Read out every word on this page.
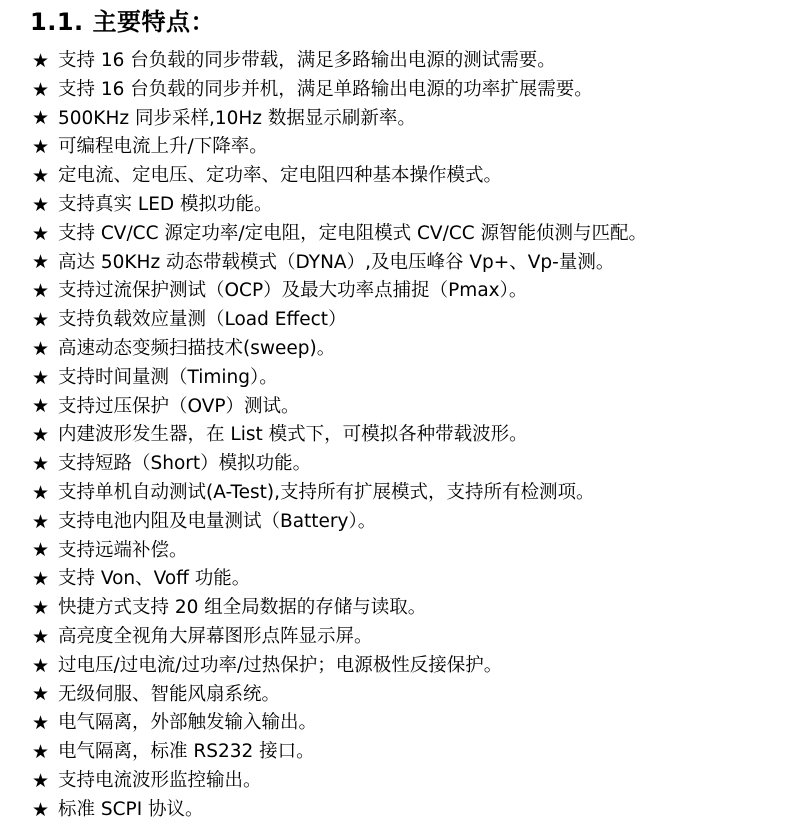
1.1. 主要特点：
★ 支持 16 台负载的同步带载，满足多路输出电源的测试需要。
★ 支持 16 台负载的同步并机，满足单路输出电源的功率扩展需要。
★ 500KHz 同步采样,10Hz 数据显示刷新率。
★ 可编程电流上升/下降率。
★ 定电流、定电压、定功率、定电阻四种基本操作模式。
★ 支持真实 LED 模拟功能。
★ 支持 CV/CC 源定功率/定电阻，定电阻模式 CV/CC 源智能侦测与匹配。
★ 高达 50KHz 动态带载模式（DYNA）,及电压峰谷 Vp+、Vp-量测。
★ 支持过流保护测试（OCP）及最大功率点捕捉（Pmax）。
★ 支持负载效应量测（Load Effect）
★ 高速动态变频扫描技术(sweep)。
★ 支持时间量测（Timing）。
★ 支持过压保护（OVP）测试。
★ 内建波形发生器，在 List 模式下，可模拟各种带载波形。
★ 支持短路（Short）模拟功能。
★ 支持单机自动测试(A-Test),支持所有扩展模式，支持所有检测项。
★ 支持电池内阻及电量测试（Battery）。
★ 支持远端补偿。
★ 支持 Von、Voff 功能。
★ 快捷方式支持 20 组全局数据的存储与读取。
★ 高亮度全视角大屏幕图形点阵显示屏。
★ 过电压/过电流/过功率/过热保护；电源极性反接保护。
★ 无级伺服、智能风扇系统。
★ 电气隔离，外部触发输入输出。
★ 电气隔离，标准 RS232 接口。
★ 支持电流波形监控输出。
★ 标准 SCPI 协议。
